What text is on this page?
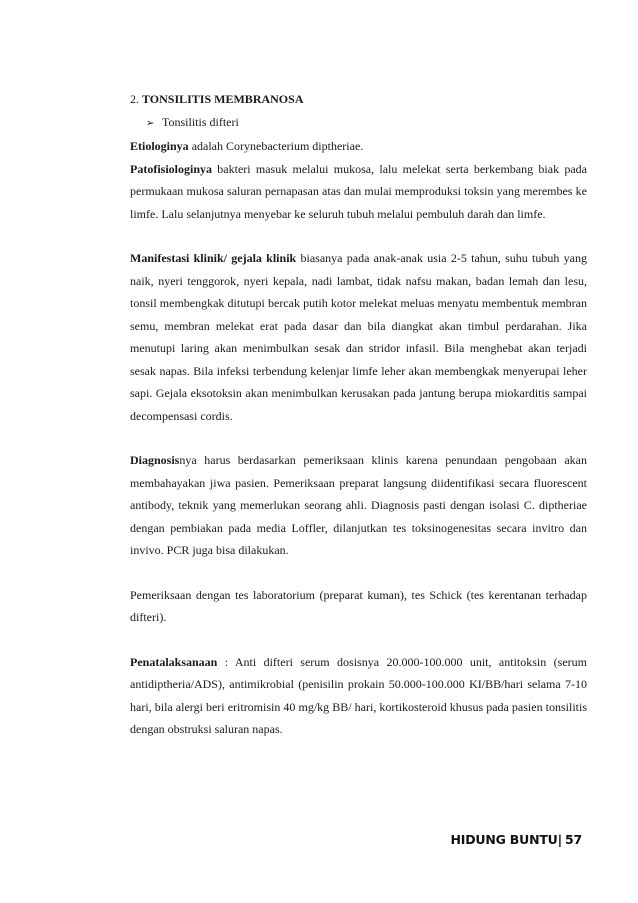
2. TONSILITIS MEMBRANOSA
➢ Tonsilitis difteri

Etiologinya adalah Corynebacterium diptheriae.

Patofisiologinya bakteri masuk melalui mukosa, lalu melekat serta berkembang biak pada permukaan mukosa saluran pernapasan atas dan mulai memproduksi toksin yang merembes ke limfe. Lalu selanjutnya menyebar ke seluruh tubuh melalui pembuluh darah dan limfe.

Manifestasi klinik/ gejala klinik biasanya pada anak-anak usia 2-5 tahun, suhu tubuh yang naik, nyeri tenggorok, nyeri kepala, nadi lambat, tidak nafsu makan, badan lemah dan lesu, tonsil membengkak ditutupi bercak putih kotor melekat meluas menyatu membentuk membran semu, membran melekat erat pada dasar dan bila diangkat akan timbul perdarahan. Jika menutupi laring akan menimbulkan sesak dan stridor infasil. Bila menghebat akan terjadi sesak napas. Bila infeksi terbendung kelenjar limfe leher akan membengkak menyerupai leher sapi. Gejala eksotoksin akan menimbulkan kerusakan pada jantung berupa miokarditis sampai decompensasi cordis.

Diagnosisnya harus berdasarkan pemeriksaan klinis karena penundaan pengobaan akan membahayakan jiwa pasien. Pemeriksaan preparat langsung diidentifikasi secara fluorescent antibody, teknik yang memerlukan seorang ahli. Diagnosis pasti dengan isolasi C. diptheriae dengan pembiakan pada media Loffler, dilanjutkan tes toksinogenesitas secara invitro dan invivo. PCR juga bisa dilakukan.

Pemeriksaan dengan tes laboratorium (preparat kuman), tes Schick (tes kerentanan terhadap difteri).

Penatalaksanaan : Anti difteri serum dosisnya 20.000-100.000 unit, antitoksin (serum antidiptheria/ADS), antimikrobial (penisilin prokain 50.000-100.000 KI/BB/hari selama 7-10 hari, bila alergi beri eritromisin 40 mg/kg BB/ hari, kortikosteroid khusus pada pasien tonsilitis dengan obstruksi saluran napas.

HIDUNG BUNTU| 57
